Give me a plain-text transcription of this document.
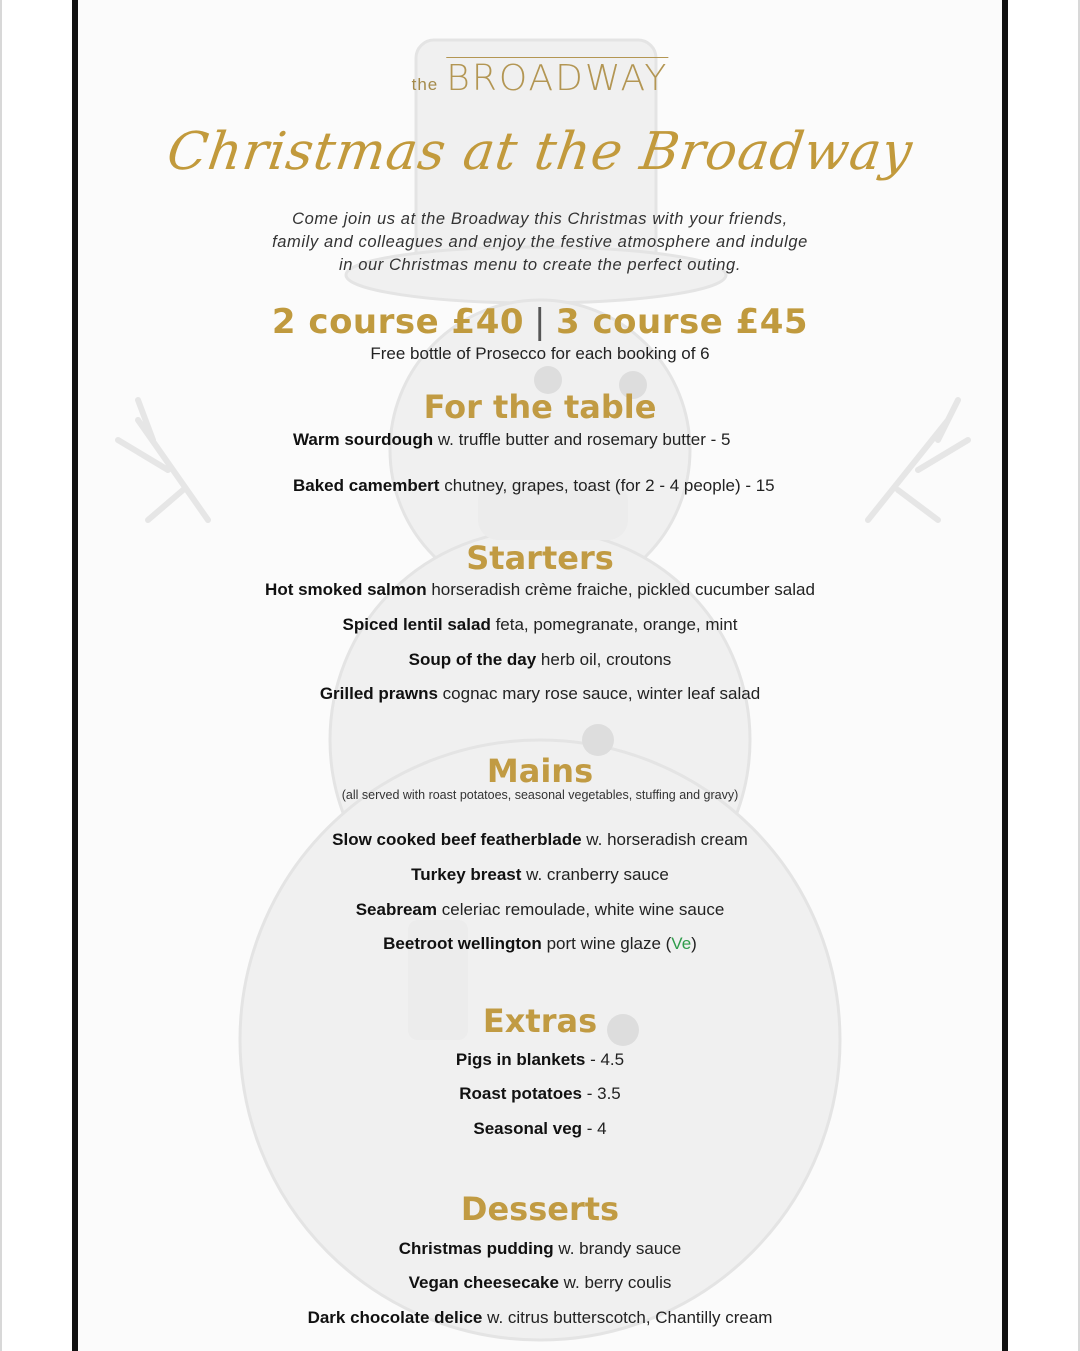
the BROADWAY
Christmas at the Broadway
Come join us at the Broadway this Christmas with your friends,
family and colleagues and enjoy the festive atmosphere and indulge
in our Christmas menu to create the perfect outing.
2 course £40 | 3 course £45
Free bottle of Prosecco for each booking of 6
For the table
Warm sourdough w. truffle butter and rosemary butter - 5
Baked camembert chutney, grapes, toast (for 2 - 4 people) - 15
Starters
Hot smoked salmon horseradish crème fraiche, pickled cucumber salad
Spiced lentil salad feta, pomegranate, orange, mint
Soup of the day herb oil, croutons
Grilled prawns cognac mary rose sauce, winter leaf salad
Mains
(all served with roast potatoes, seasonal vegetables, stuffing and gravy)
Slow cooked beef featherblade w. horseradish cream
Turkey breast w. cranberry sauce
Seabream celeriac remoulade, white wine sauce
Beetroot wellington port wine glaze (Ve)
Extras
Pigs in blankets - 4.5
Roast potatoes - 3.5
Seasonal veg - 4
Desserts
Christmas pudding w. brandy sauce
Vegan cheesecake w. berry coulis
Dark chocolate delice w. citrus butterscotch, Chantilly cream
